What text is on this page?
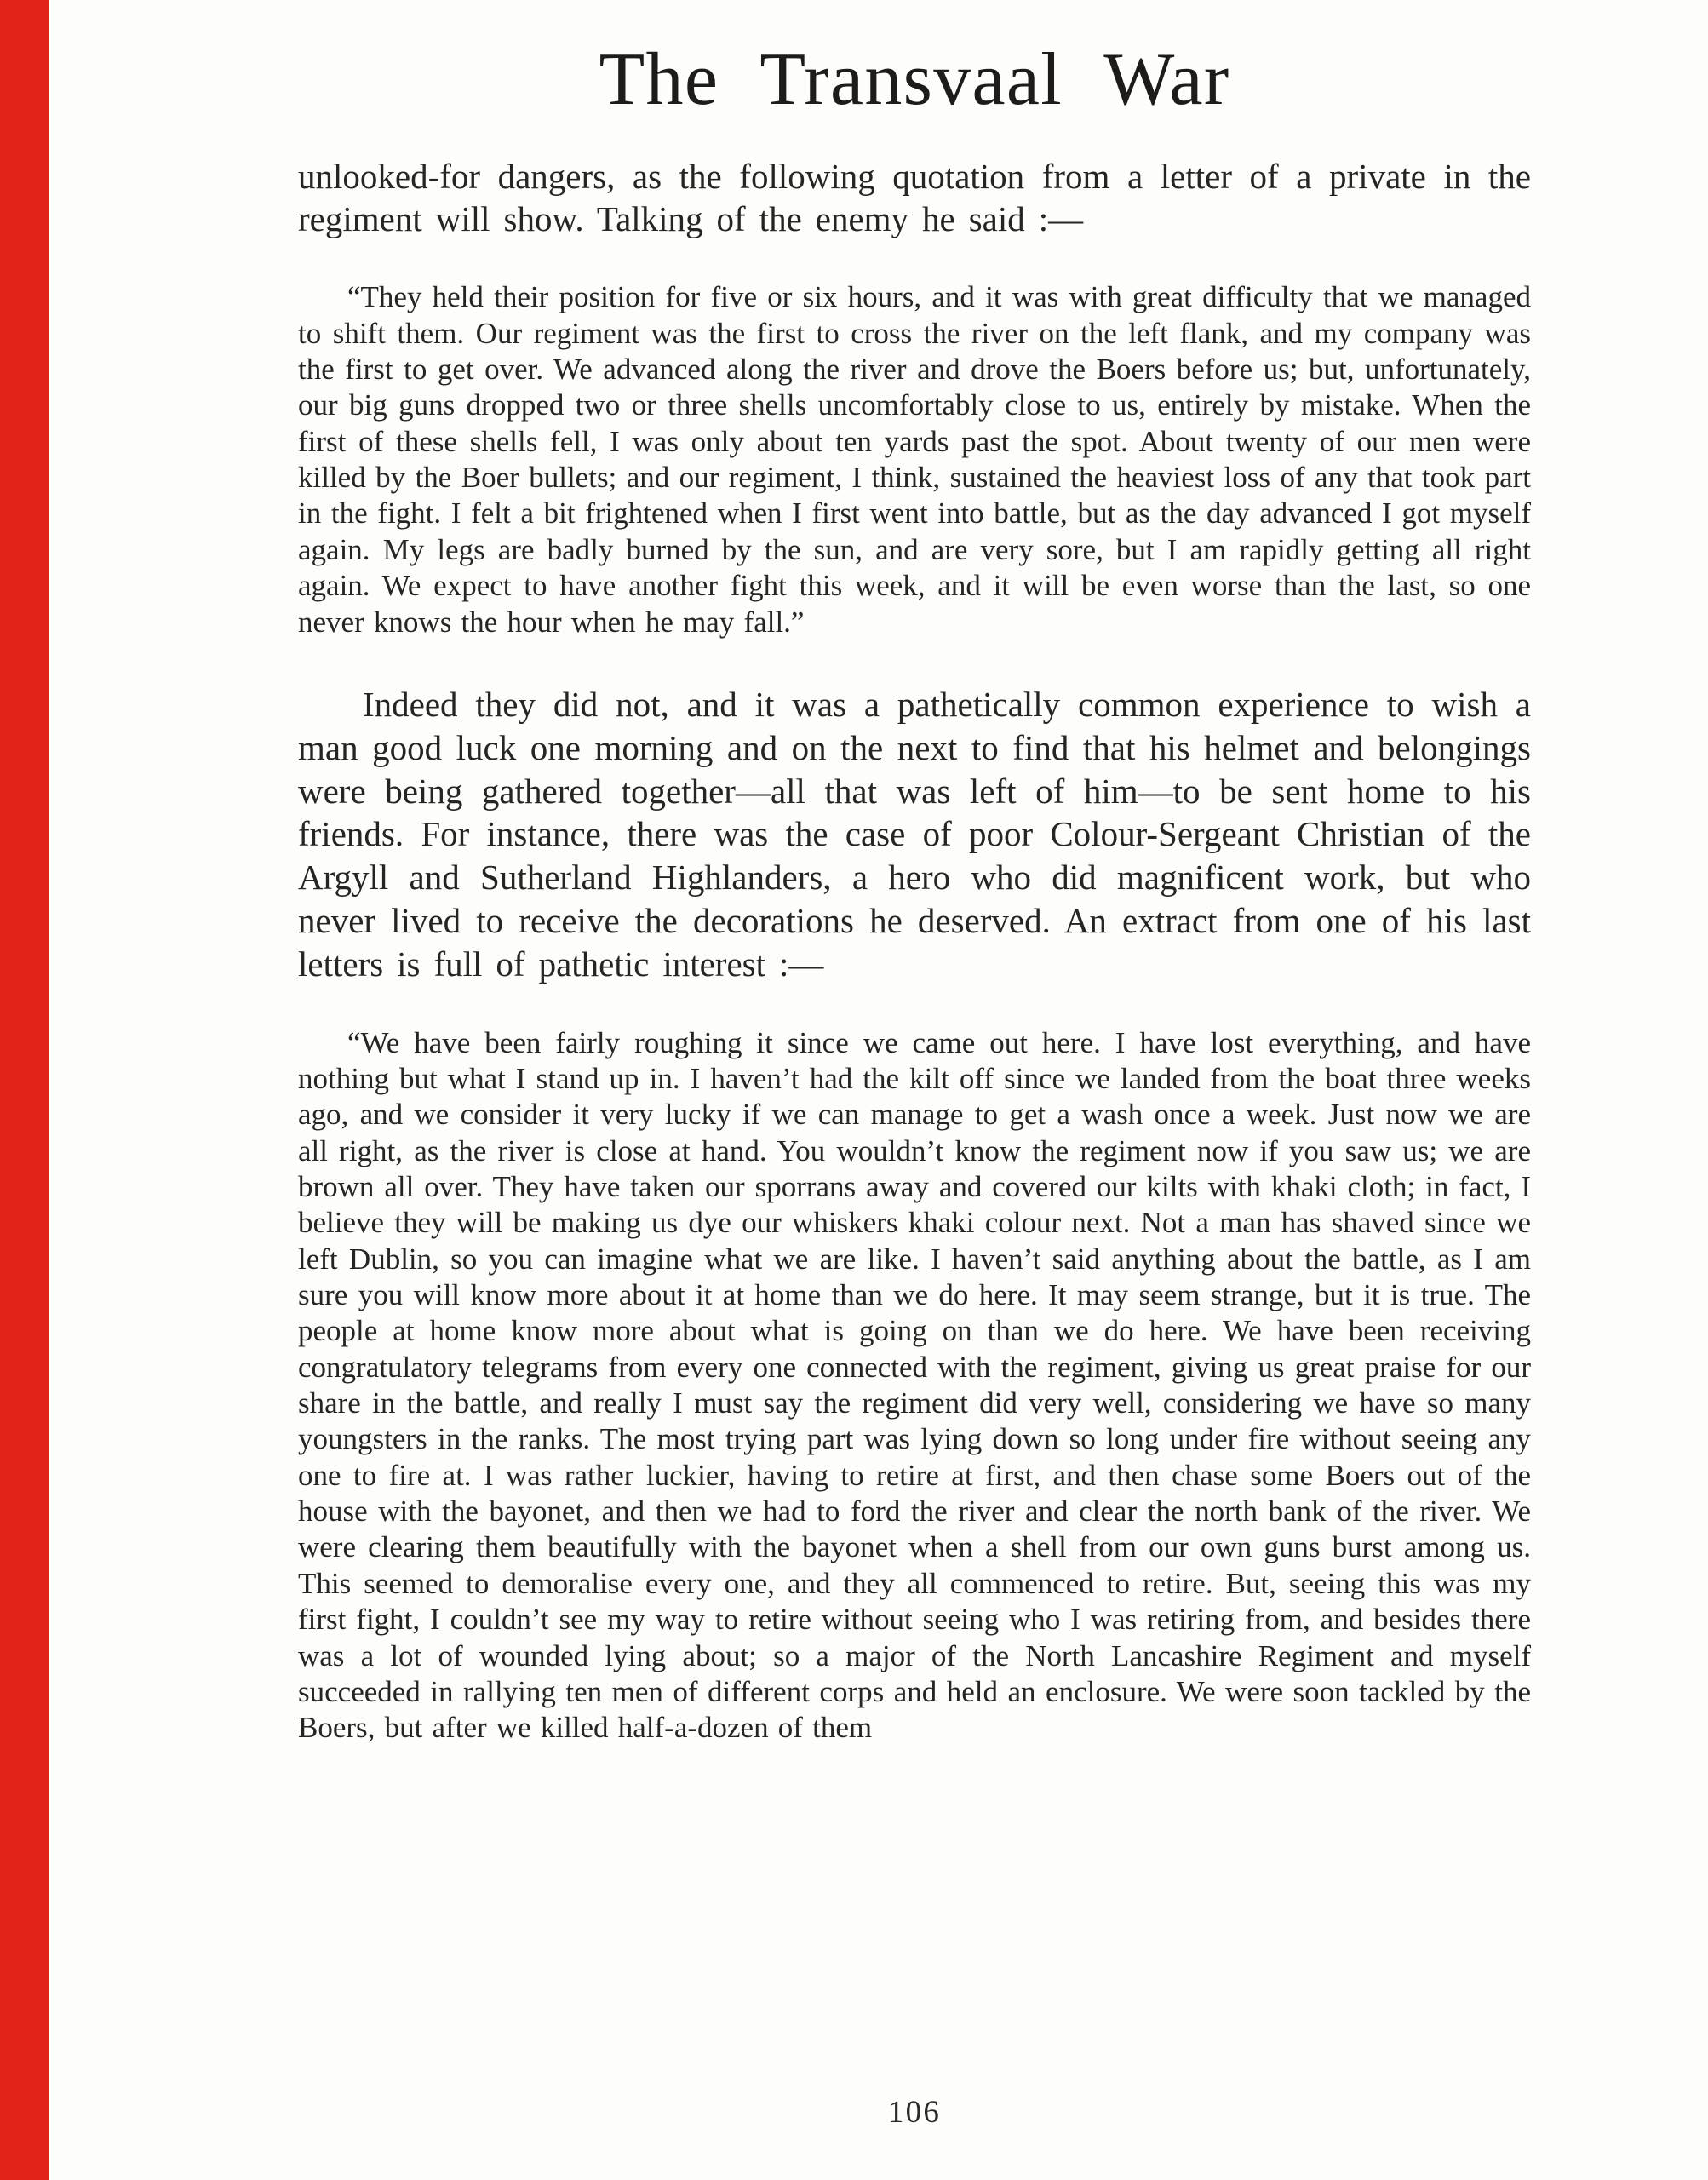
The Transvaal War

unlooked-for dangers, as the following quotation from a letter of a private in the regiment will show. Talking of the enemy he said :—

“They held their position for five or six hours, and it was with great difficulty that we managed to shift them. Our regiment was the first to cross the river on the left flank, and my company was the first to get over. We advanced along the river and drove the Boers before us; but, unfortunately, our big guns dropped two or three shells uncomfortably close to us, entirely by mistake. When the first of these shells fell, I was only about ten yards past the spot. About twenty of our men were killed by the Boer bullets; and our regiment, I think, sustained the heaviest loss of any that took part in the fight. I felt a bit frightened when I first went into battle, but as the day advanced I got myself again. My legs are badly burned by the sun, and are very sore, but I am rapidly getting all right again. We expect to have another fight this week, and it will be even worse than the last, so one never knows the hour when he may fall.”

Indeed they did not, and it was a pathetically common experience to wish a man good luck one morning and on the next to find that his helmet and belongings were being gathered together—all that was left of him—to be sent home to his friends. For instance, there was the case of poor Colour-Sergeant Christian of the Argyll and Sutherland Highlanders, a hero who did magnificent work, but who never lived to receive the decorations he deserved. An extract from one of his last letters is full of pathetic interest :—

“We have been fairly roughing it since we came out here. I have lost everything, and have nothing but what I stand up in. I haven’t had the kilt off since we landed from the boat three weeks ago, and we consider it very lucky if we can manage to get a wash once a week. Just now we are all right, as the river is close at hand. You wouldn’t know the regiment now if you saw us; we are brown all over. They have taken our sporrans away and covered our kilts with khaki cloth; in fact, I believe they will be making us dye our whiskers khaki colour next. Not a man has shaved since we left Dublin, so you can imagine what we are like. I haven’t said anything about the battle, as I am sure you will know more about it at home than we do here. It may seem strange, but it is true. The people at home know more about what is going on than we do here. We have been receiving congratulatory telegrams from every one connected with the regiment, giving us great praise for our share in the battle, and really I must say the regiment did very well, considering we have so many youngsters in the ranks. The most trying part was lying down so long under fire without seeing any one to fire at. I was rather luckier, having to retire at first, and then chase some Boers out of the house with the bayonet, and then we had to ford the river and clear the north bank of the river. We were clearing them beautifully with the bayonet when a shell from our own guns burst among us. This seemed to demoralise every one, and they all commenced to retire. But, seeing this was my first fight, I couldn’t see my way to retire without seeing who I was retiring from, and besides there was a lot of wounded lying about; so a major of the North Lancashire Regiment and myself succeeded in rallying ten men of different corps and held an enclosure. We were soon tackled by the Boers, but after we killed half-a-dozen of them

106
